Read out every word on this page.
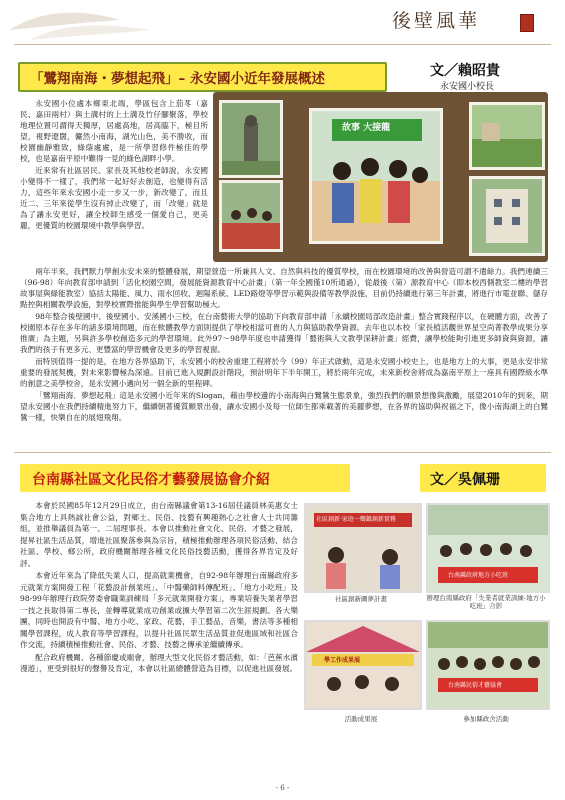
後壁風華
「鷺翔南海・夢想起飛」– 永安國小近年發展概述	文／賴昭貴
永安國小校長

永安國小位處本鄉東北端，學區包含上茄苳（嘉民、嘉田兩村）與土溝村的上土溝及竹仔腳聚落，學校地理位置可謂得天獨厚，居處高地，居高臨下，極目所望，視野遼闊，儼然小南海，湖光山色，美不勝收，而校園幽靜雅致，綠蔭處處，是一所學習修件極佳的學校，也是嘉南平原中難得一見的綠色湖畔小學。

近來常有社區居民、家長及其他校老師說，永安國小變得不一樣了，我們常一起好好去創造，也變得有活力，這些年來永安國小走一步又一步，新改變了，而且近二、三年來從學生沒有掉止改變了，而「改變」就是為了讓永安更好，讓全校師生感受一個愛自己，更美麗，更優質的校園環境中教學與學習。

故事 大接龍

兩年半來，我們默力學創永安未來的整體發展，期望營造一所兼具人文、自然與科技的優質學校，而在校園環境的改善與營造可謂不遺餘力。我們連續三（96-98）年向教育部申請到「活化校園空間，發展能資源教育中心計畫」（第一年全國僅10所通過），從最後（第）源教育中心（即本校西側教室二樓的學習故事屋與綠能教室）協括太陽能、風力、雨水回收、迴陽系統、LED路燈等學習示範與設備等教學設施，目前仍持續進行第三年計畫，將進行市電並聯、儲存點控與相關教學設施，對學校實際推能與學生學習幫助極大。

98年整合後壁國中、後壁國小、安溪國小三校，在台南藝術大學的協助下向教育部申請「永續校園局部改造計畫」整合實踐程序以，在硬體方面，改善了校園原本存在多年的諸多環境問題，而在軟體教學方面則提供了學校相當可貴的人力與協助教學資源。去年也以本校「家長植活觀世界星空尚菁教學成果分享推廣」為主題，另與許多學校創造多元的學習環境。此外97～98學年度也申請獲得「藝術與人文教學深耕計畫」經費，讓學校能夠引進更多師資與資源，讓我們的孩子有更多元、更豐富的學習機會及更多的學習視窗。

而特別值得一提的是，在地方各界協助下，永安國小的校舍重建工程將於今（99）年正式啟動，這是永安國小校史上，也是地方上的大事，更是永安非常重要的發展契機，對未來影響極為深遠。目前已進入規劃設計階段，預計明年下半年開工，將於兩年完成，未來新校舍將成為嘉南平原上一座具有國際級水準的創意之美學校舍，是永安國小邁向另一個全新的里程碑。

「鷺翔南海．夢想起飛」這是永安國小近年來的Slogan，藉由學校邊的小南海與白鷺鷥生態景象，強烈我們的願景想像與激勵，展望2010年的到來，期望永安國小在我們持續精進努力下，繼續朝著優質願景出發，讓永安國小及每一位師生都乘載著的美麗夢想，在各界的協助與祝福之下，像小南海湖上的白鷺鷥一樣，快樂自在的展翅飛翔。

台南縣社區文化民俗才藝發展協會介紹	文／吳佩珊

本會於民國85年12月29日成立，由台南縣議會第13-16屆任議員林美惠女士集合地方上具熱誠社會公益，對鄉土、民俗、技藝有興趣熱心之社會人士共同籌組，並推舉議員為第一、二屆理事長。本會以推動社會文化、民俗、才藝之發展，提昇社區生活品質，增進社區聚落參與為宗旨，積極推動辦理各項民俗活動、結合社區、學校、鄉公所，政府機關辦理各種文化民俗技藝活動，獲得各界肯定及好評。

本會近年來為了降低失業人口，提高就業機會，自92-98年辦理台南縣政府多元就業方案開發工程「花藝設計創業班」、「中醫藥師料傳配班」、「地方小吃班」及98-99年辦理行政院勞委會職業訓練局「多元就業開發方案」，專業培養失業者學習一技之長取得第二專長，並轉導就業成功創業或擴大學習第二次生涯規劃。各大樂團，同時也開設有中醫、地方小吃、家政、花藝，手工藝品，音樂，書法等多種相關學習課程，成人教育等學習課程，以提升社區民眾生活品質並促進區域和社區合作交流，持續積極推動社會、民俗、才藝、技藝之傳承並繼續傳承。

配合政府機關、各種節慶或廟會，辦理大型文化民俗才藝活動，如：「芭蕉水濱漫遊」，更受到很好的聲譽及肯定，本會以社區總體營造為目標，以促進社區發展。

社區創新‧家庭一鄉鎮創新實務
社區創新圖夢計畫
台南縣政府地方小吃班
辦理台南縣政府「失業者就業訓練-地方小吃班」合影
學工作成果展
活動成果展
台南縣民俗才藝協會
參加縣政舍活動
- 6 -
